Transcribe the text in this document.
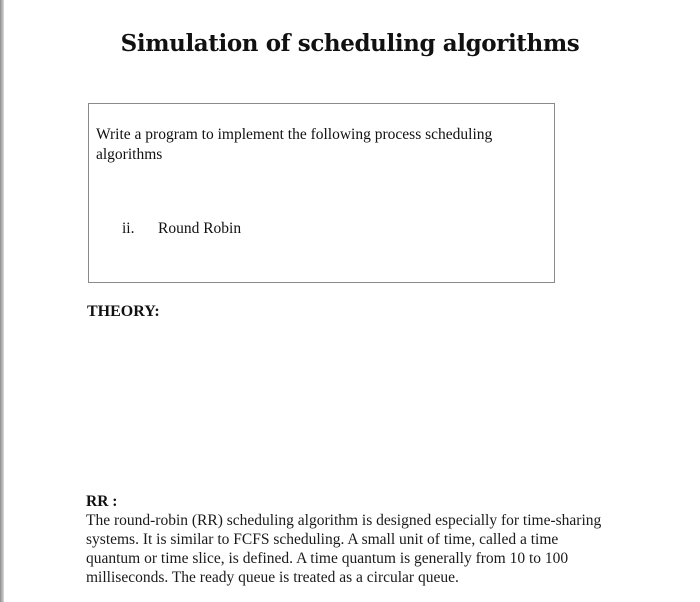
Simulation of scheduling algorithms
Write a program to implement the following process scheduling algorithms
ii. Round Robin
THEORY:
RR :
The round-robin (RR) scheduling algorithm is designed especially for time-sharing systems. It is similar to FCFS scheduling. A small unit of time, called a time quantum or time slice, is defined. A time quantum is generally from 10 to 100 milliseconds. The ready queue is treated as a circular queue.
